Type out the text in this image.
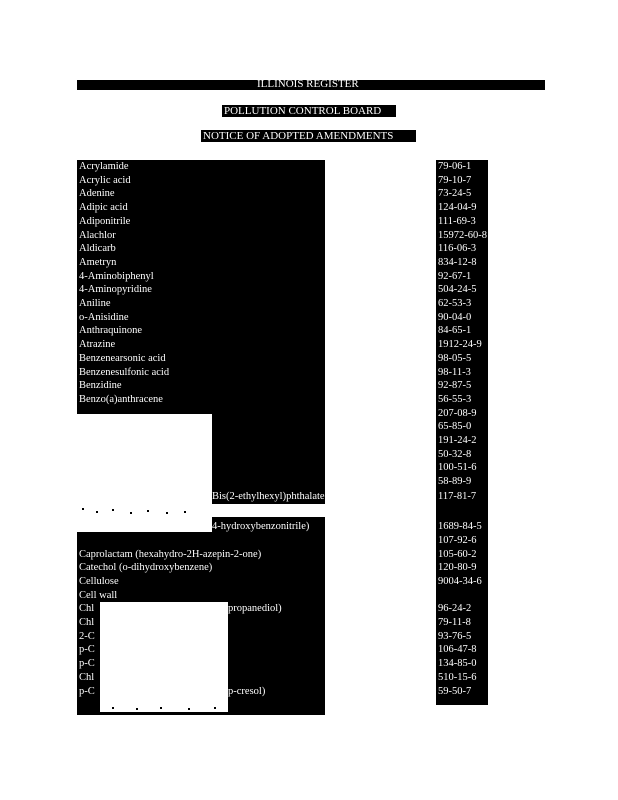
ILLINOIS REGISTER
POLLUTION CONTROL BOARD
NOTICE OF ADOPTED AMENDMENTS
Acrylamide
Acrylic acid
Adenine
Adipic acid
Adiponitrile
Alachlor
Aldicarb
Ametryn
4-Aminobiphenyl
4-Aminopyridine
Aniline
o-Anisidine
Anthraquinone
Atrazine
Benzenearsonic acid
Benzenesulfonic acid
Benzidine
Benzo(a)anthracene
Bis(2-ethylhexyl)phthalate
4-hydroxybenzonitrile)
Caprolactam (hexahydro-2H-azepin-2-one)
Catechol (o-dihydroxybenzene)
Cellulose
Cell wall
Chl	propanediol)
Chl
2-C
p-C
p-C
Chl
p-C	p-cresol)
79-06-1
79-10-7
73-24-5
124-04-9
111-69-3
15972-60-8
116-06-3
834-12-8
92-67-1
504-24-5
62-53-3
90-04-0
84-65-1
1912-24-9
98-05-5
98-11-3
92-87-5
56-55-3
207-08-9
65-85-0
191-24-2
50-32-8
100-51-6
58-89-9
117-81-7
1689-84-5
107-92-6
105-60-2
120-80-9
9004-34-6
96-24-2
79-11-8
93-76-5
106-47-8
134-85-0
510-15-6
59-50-7
